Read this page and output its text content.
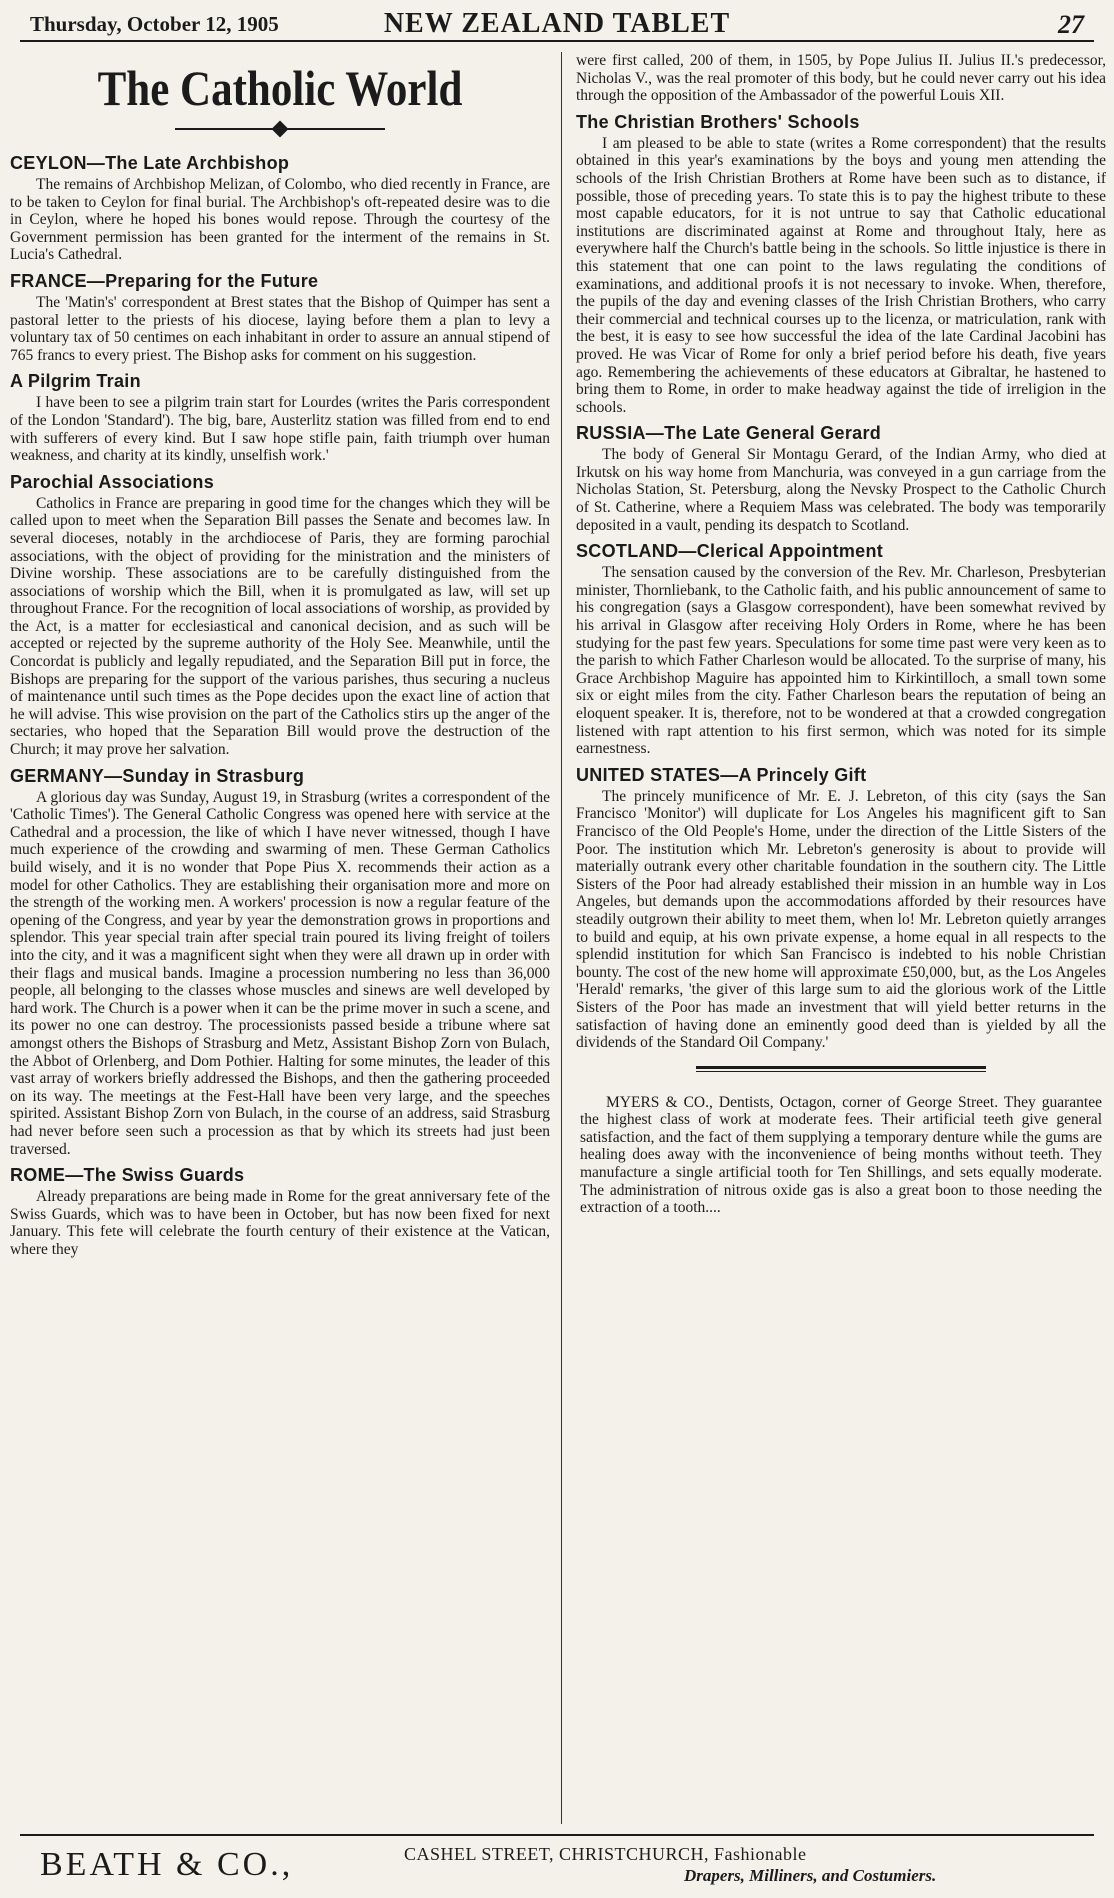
Thursday, October 12, 1905	NEW ZEALAND TABLET	27
The Catholic World
CEYLON—The Late Archbishop

The remains of Archbishop Melizan, of Colombo, who died recently in France, are to be taken to Ceylon for final burial. The Archbishop's oft-repeated desire was to die in Ceylon, where he hoped his bones would repose. Through the courtesy of the Government permission has been granted for the interment of the remains in St. Lucia's Cathedral.

FRANCE—Preparing for the Future

The 'Matin's' correspondent at Brest states that the Bishop of Quimper has sent a pastoral letter to the priests of his diocese, laying before them a plan to levy a voluntary tax of 50 centimes on each inhabitant in order to assure an annual stipend of 765 francs to every priest. The Bishop asks for comment on his suggestion.

A Pilgrim Train

I have been to see a pilgrim train start for Lourdes (writes the Paris correspondent of the London 'Standard'). The big, bare, Austerlitz station was filled from end to end with sufferers of every kind. But I saw hope stifle pain, faith triumph over human weakness, and charity at its kindly, unselfish work.'

Parochial Associations

Catholics in France are preparing in good time for the changes which they will be called upon to meet when the Separation Bill passes the Senate and becomes law. In several dioceses, notably in the archdiocese of Paris, they are forming parochial associations, with the object of providing for the ministration and the ministers of Divine worship. These associations are to be carefully distinguished from the associations of worship which the Bill, when it is promulgated as law, will set up throughout France. For the recognition of local associations of worship, as provided by the Act, is a matter for ecclesiastical and canonical decision, and as such will be accepted or rejected by the supreme authority of the Holy See. Meanwhile, until the Concordat is publicly and legally repudiated, and the Separation Bill put in force, the Bishops are preparing for the support of the various parishes, thus securing a nucleus of maintenance until such times as the Pope decides upon the exact line of action that he will advise. This wise provision on the part of the Catholics stirs up the anger of the sectaries, who hoped that the Separation Bill would prove the destruction of the Church; it may prove her salvation.

GERMANY—Sunday in Strasburg

A glorious day was Sunday, August 19, in Strasburg (writes a correspondent of the 'Catholic Times'). The General Catholic Congress was opened here with service at the Cathedral and a procession, the like of which I have never witnessed, though I have much experience of the crowding and swarming of men. These German Catholics build wisely, and it is no wonder that Pope Pius X. recommends their action as a model for other Catholics. They are establishing their organisation more and more on the strength of the working men. A workers' procession is now a regular feature of the opening of the Congress, and year by year the demonstration grows in proportions and splendor. This year special train after special train poured its living freight of toilers into the city, and it was a magnificent sight when they were all drawn up in order with their flags and musical bands. Imagine a procession numbering no less than 36,000 people, all belonging to the classes whose muscles and sinews are well developed by hard work. The Church is a power when it can be the prime mover in such a scene, and its power no one can destroy. The processionists passed beside a tribune where sat amongst others the Bishops of Strasburg and Metz, Assistant Bishop Zorn von Bulach, the Abbot of Orlenberg, and Dom Pothier. Halting for some minutes, the leader of this vast array of workers briefly addressed the Bishops, and then the gathering proceeded on its way. The meetings at the Fest-Hall have been very large, and the speeches spirited. Assistant Bishop Zorn von Bulach, in the course of an address, said Strasburg had never before seen such a procession as that by which its streets had just been traversed.

ROME—The Swiss Guards

Already preparations are being made in Rome for the great anniversary fete of the Swiss Guards, which was to have been in October, but has now been fixed for next January. This fete will celebrate the fourth century of their existence at the Vatican, where they

were first called, 200 of them, in 1505, by Pope Julius II. Julius II.'s predecessor, Nicholas V., was the real promoter of this body, but he could never carry out his idea through the opposition of the Ambassador of the powerful Louis XII.

The Christian Brothers' Schools

I am pleased to be able to state (writes a Rome correspondent) that the results obtained in this year's examinations by the boys and young men attending the schools of the Irish Christian Brothers at Rome have been such as to distance, if possible, those of preceding years. To state this is to pay the highest tribute to these most capable educators, for it is not untrue to say that Catholic educational institutions are discriminated against at Rome and throughout Italy, here as everywhere half the Church's battle being in the schools. So little injustice is there in this statement that one can point to the laws regulating the conditions of examinations, and additional proofs it is not necessary to invoke. When, therefore, the pupils of the day and evening classes of the Irish Christian Brothers, who carry their commercial and technical courses up to the licenza, or matriculation, rank with the best, it is easy to see how successful the idea of the late Cardinal Jacobini has proved. He was Vicar of Rome for only a brief period before his death, five years ago. Remembering the achievements of these educators at Gibraltar, he hastened to bring them to Rome, in order to make headway against the tide of irreligion in the schools.

RUSSIA—The Late General Gerard

The body of General Sir Montagu Gerard, of the Indian Army, who died at Irkutsk on his way home from Manchuria, was conveyed in a gun carriage from the Nicholas Station, St. Petersburg, along the Nevsky Prospect to the Catholic Church of St. Catherine, where a Requiem Mass was celebrated. The body was temporarily deposited in a vault, pending its despatch to Scotland.

SCOTLAND—Clerical Appointment

The sensation caused by the conversion of the Rev. Mr. Charleson, Presbyterian minister, Thornliebank, to the Catholic faith, and his public announcement of same to his congregation (says a Glasgow correspondent), have been somewhat revived by his arrival in Glasgow after receiving Holy Orders in Rome, where he has been studying for the past few years. Speculations for some time past were very keen as to the parish to which Father Charleson would be allocated. To the surprise of many, his Grace Archbishop Maguire has appointed him to Kirkintilloch, a small town some six or eight miles from the city. Father Charleson bears the reputation of being an eloquent speaker. It is, therefore, not to be wondered at that a crowded congregation listened with rapt attention to his first sermon, which was noted for its simple earnestness.

UNITED STATES—A Princely Gift

The princely munificence of Mr. E. J. Lebreton, of this city (says the San Francisco 'Monitor') will duplicate for Los Angeles his magnificent gift to San Francisco of the Old People's Home, under the direction of the Little Sisters of the Poor. The institution which Mr. Lebreton's generosity is about to provide will materially outrank every other charitable foundation in the southern city. The Little Sisters of the Poor had already established their mission in an humble way in Los Angeles, but demands upon the accommodations afforded by their resources have steadily outgrown their ability to meet them, when lo! Mr. Lebreton quietly arranges to build and equip, at his own private expense, a home equal in all respects to the splendid institution for which San Francisco is indebted to his noble Christian bounty. The cost of the new home will approximate £50,000, but, as the Los Angeles 'Herald' remarks, 'the giver of this large sum to aid the glorious work of the Little Sisters of the Poor has made an investment that will yield better returns in the satisfaction of having done an eminently good deed than is yielded by all the dividends of the Standard Oil Company.'

MYERS & CO., Dentists, Octagon, corner of George Street. They guarantee the highest class of work at moderate fees. Their artificial teeth give general satisfaction, and the fact of them supplying a temporary denture while the gums are healing does away with the inconvenience of being months without teeth. They manufacture a single artificial tooth for Ten Shillings, and sets equally moderate. The administration of nitrous oxide gas is also a great boon to those needing the extraction of a tooth....

BEATH & CO.,	CASHEL STREET, CHRISTCHURCH, Fashionable
Drapers, Milliners, and Costumiers.
